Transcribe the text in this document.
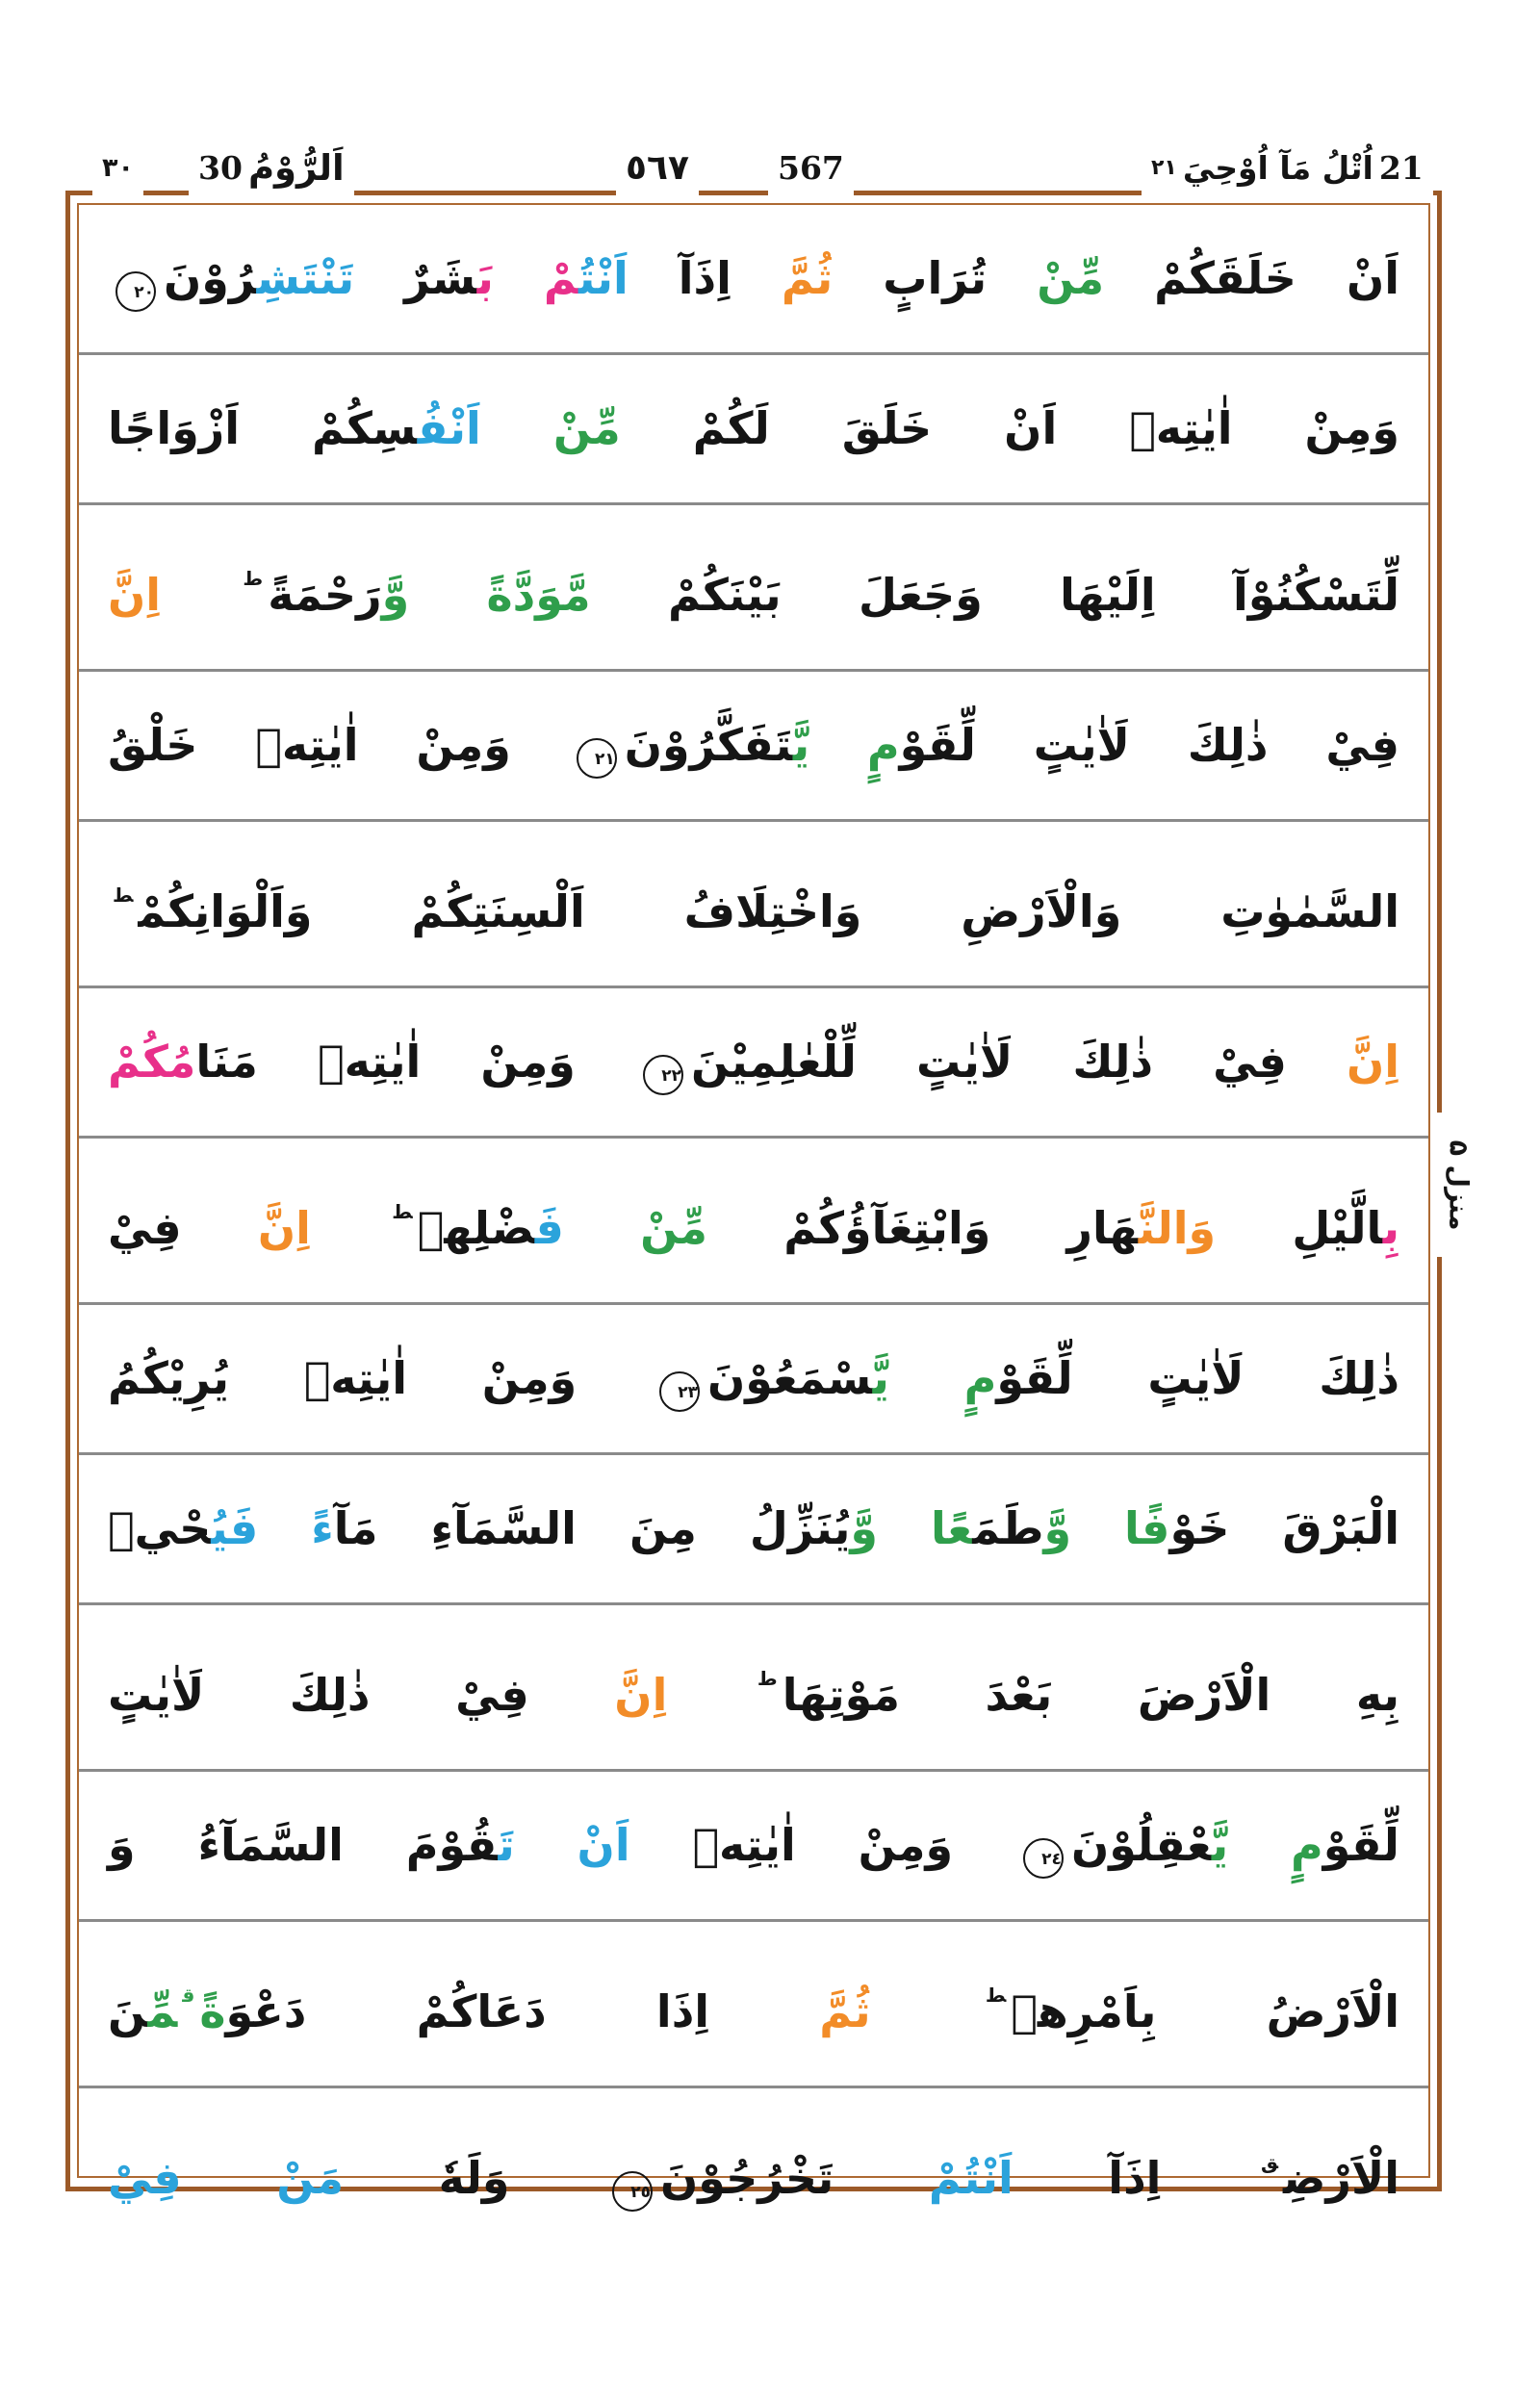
٣٠ 30 اَلرُّوْمُ	٥٦٧	567	٢١ اُتْلُ مَآ اُوْحِيَ 21

اَنْ خَلَقَكُمْ مِّنْ تُرَابٍ ثُمَّ اِذَآ اَنْتُمْ بَشَرٌ تَنْتَشِرُوْنَ٢٠

وَمِنْ اٰيٰتِهٖ اَنْ خَلَقَ لَكُمْ مِّنْ اَنْفُسِكُمْ اَزْوَاجًا

لِّتَسْكُنُوْآ اِلَيْهَا وَجَعَلَ بَيْنَكُمْ مَّوَدَّةً وَّرَحْمَةً$^ط$ اِنَّ

فِيْ ذٰلِكَ لَاٰيٰتٍ لِّقَوْمٍ يَّتَفَكَّرُوْنَ٢١ وَمِنْ اٰيٰتِهٖ خَلْقُ

السَّمٰوٰتِ وَالْاَرْضِ وَاخْتِلَافُ اَلْسِنَتِكُمْ وَاَلْوَانِكُمْ$^ط$

اِنَّ فِيْ ذٰلِكَ لَاٰيٰتٍ لِّلْعٰلِمِيْنَ٢٢ وَمِنْ اٰيٰتِهٖ مَنَامُكُمْ

بِالَّيْلِ وَالنَّهَارِ وَابْتِغَآؤُكُمْ مِّنْ فَضْلِهٖ$^ط$ اِنَّ فِيْ

ذٰلِكَ لَاٰيٰتٍ لِّقَوْمٍ يَّسْمَعُوْنَ٢٣ وَمِنْ اٰيٰتِهٖ يُرِيْكُمُ

الْبَرْقَ خَوْفًا وَّطَمَعًا وَّيُنَزِّلُ مِنَ السَّمَآءِ مَآءً فَيُحْيٖ

بِهِ الْاَرْضَ بَعْدَ مَوْتِهَا$^ط$ اِنَّ فِيْ ذٰلِكَ لَاٰيٰتٍ

لِّقَوْمٍ يَّعْقِلُوْنَ٢٤ وَمِنْ اٰيٰتِهٖ اَنْ تَقُوْمَ السَّمَآءُ وَ

الْاَرْضُ بِاَمْرِهٖ$^ط$ ثُمَّ اِذَا دَعَاكُمْ دَعْوَةً$^ق$مِّنَ

الْاَرْضِ$^ق$ اِذَآ اَنْتُمْ تَخْرُجُوْنَ٢٥ وَلَهٗ مَنْ فِيْ

منزل ۵
